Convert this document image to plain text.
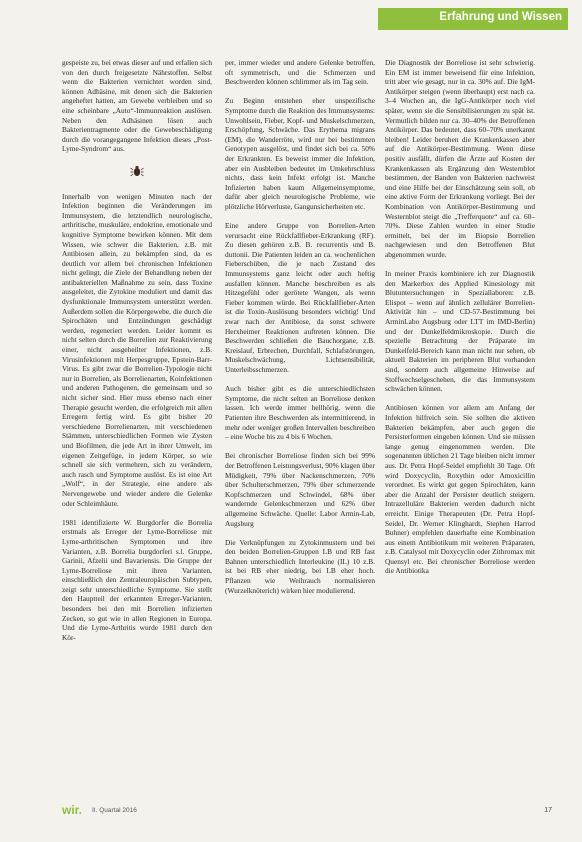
Erfahrung und Wissen

gespeiste zu, bei etwas dieser auf und erfallen sich von den durch freigesetzte Nährstoffen. Selbst wenn die Bakterien vernichtet worden sind, können Adhäsine, mit denen sich die Bakterien angeheftet hatten, am Gewebe verbleiben und so eine scheinbare „Auto“-Immunreaktion auslösen. Neben den Adhäsinen lösen auch Bakterientragmente oder die Gewebeschädigung durch die vorangegangene Infektion dieses „Post-Lyme-Syndrom“ aus.

Innerhalb von wenigen Minuten nach der Infektion beginnen die Veränderungen im Immunsystem, die letztendlich neurologische, arthritische, muskuläre, endokrine, emotionale und kognitive Symptome bewirken können. Mit dem Wissen, wie schwer die Bakterien, z.B. mit Antibiosen allein, zu bekämpfen sind, da es deutlich vor allem bei chronischen Infektionen nicht gelingt, die Ziele der Behandlung neben der antibakteriellen Maßnahme zu sein, dass Toxine ausgeleitet, die Zytokine moduliert und damit das dysfunktionale Immunsystem unterstützt werden. Außerdem sollen die Körpergewebe, die durch die Spirochäten und Entzündungen geschädigt werden, regeneriert werden. Leider kommt es nicht selten durch die Borrelien zur Reaktivierung einer, nicht ausgeheilter Infektionen, z.B. Virusinfektionen mit Herpesgruppe, Epstein-Barr-Virus. Es gibt zwar die Borrelien-Typologie nicht nur in Borrelien, als Borrelienarten, Koinfektionen und anderen Pathogenen, die gemeinsam und so nicht sicher sind. Hier muss ebenso nach einer Therapie gesucht werden, die erfolgreich mit allen Erregern fertig wird. Es gibt bisher 20 verschiedene Borrelienarten, mit verschiedenen Stämmen, unterschiedlichen Formen wie Zysten und Biofilmen, die jede Art in ihrer Umwelt, im eigenen Zeitgefüge, in jedem Körper, so wie schnell sie sich vermehren, sich zu verändern, auch rasch und Symptome auslöst. Es ist eine Art „Wolf“, in der Strategie, eine andere als Nervengewebe und wieder andere die Gelenke oder Schleimhäute.

1981 identifizierte W. Burgdorfer die Borrelia erstmals als Erreger der Lyme-Borreliose mit Lyme-arthritischen Symptomen und ihre Varianten, z.B. Borrelia burgdorferi s.l. Gruppe, Garinii, Afzelii und Bavariensis. Die Gruppe der Lyme-Borreliose mit ihren Varianten, einschließlich den Zentraleuropäischen Subtypen, zeigt sehr unterschiedliche Symptome. Sie stellt den Hauptteil der erkannten Erreger-Varianten, besonders bei den mit Borrelien infizierten Zecken, so gut wie in allen Regionen in Europa. Und die Lyme-Arthritis wurde 1981 durch den Kör-

per, immer wieder und andere Gelenke betroffen, oft symmetrisch, und die Schmerzen und Beschwerden können schlimmer als im Tag sein.

Zu Beginn entstehen eher unspezifische Symptome durch die Reaktion des Immunsystems: Unwohlsein, Fieber, Kopf- und Muskelschmerzen, Erschöpfung, Schwäche. Das Erythema migrans (EM), die Wanderröte, wird nur bei bestimmten Genotypen ausgelöst, und findet sich bei ca. 50% der Erkrankten. Es beweist immer die Infektion, aber ein Ausbleiben bedeutet im Umkehrschluss nichts, dass kein Infekt erfolgt ist. Manche Infizierten haben kaum Allgemeinsymptome, dafür aber gleich neurologische Probleme, wie plötzliche Hörverluste, Gangunsicherheiten etc.

Eine andere Gruppe von Borrelien-Arten verursacht eine Rückfallfieber-Erkrankung (RF). Zu diesen gehören z.B. B. recurrentis und B. duttonii. Die Patienten leiden an ca. wochenlichen Fieberschüben, die je nach Zustand des Immunsystems ganz leicht oder auch heftig ausfallen können. Manche beschreiben es als Hitzegefühl oder gerötete Wangen, als wenn Fieber kommen würde. Bei Rückfallfieber-Arten ist die Toxin-Auslösung besonders wichtig! Und zwar nach der Antibiose, da sonst schwere Herxheimer Reaktionen auftreten können. Die Beschwerden schließen die Bauchorgane, z.B. Kreislauf, Erbrechen, Durchfall, Schlafstörungen, Muskelschwächung, Lichtsensibilität, Unterleibsschmerzen.

Auch bisher gibt es die unterschiedlichsten Symptome, die nicht selten an Borreliose denken lassen. Ich werde immer hellhörig, wenn die Patienten ihre Beschwerden als intermittierend, in mehr oder weniger großen Intervallen beschreiben – eine Woche bis zu 4 bis 6 Wochen.

Bei chronischer Borreliose finden sich bei 99% der Betroffenen Leistungsverlust, 90% klagen über Müdigkeit, 79% über Nackenschmerzen, 70% über Schulterschmerzen, 79% über schmerzende Kopfschmerzen und Schwindel, 68% über wandernde Gelenkschmerzen und 62% über allgemeine Schwäche. Quelle: Labor Armin-Lab, Augsburg

Die Verknüpfungen zu Zytokinmustern und bei den beiden Borrelien-Gruppen LB und RB fast Bahnen unterschiedlich Interleukine (IL) 10 z.B. ist bei RB eher niedrig, bei LB eher hoch. Pflanzen wie Weihrauch normalisieren (Wurzelknöterich) wirken hier modulierend.

Die Diagnostik der Borreliose ist sehr schwierig. Ein EM ist immer beweisend für eine Infektion, tritt aber wie gesagt, nur in ca. 30% auf. Die IgM-Antikörper steigen (wenn überhaupt) erst nach ca. 3–4 Wochen an, die IgG-Antikörper noch viel später, wenn sie die Sensibilisierungen zu spät ist. Vermutlich bilden nur ca. 30–40% der Betroffenen Antikörper. Das bedeutet, dass 60–70% unerkannt bleiben! Leider beruhen die Krankenkassen aber auf die Antikörper-Bestimmung. Wenn diese positiv ausfällt, dürfen die Ärzte auf Kosten der Krankenkassen als Ergänzung den Westernblot bestimmen, der Banden von Bakterien nachweist und eine Hilfe bei der Einschätzung sein soll, ob eine aktive Form der Erkrankung vorliegt. Bei der Kombination von Antikörper-Bestimmung und Westernblot steigt die „Trefferquote“ auf ca. 60–70%. Diese Zahlen wurden in einer Studie ermittelt, bei der im Biopsie Borrelien nachgewiesen und den Betroffenen Blut abgenommen wurde.

In meiner Praxis kombiniere ich zur Diagnostik den Markerbox des Applied Kinesiology mit Blutuntersuchungen in Speziallaboren: z.B. Elispot – wenn auf ähnlich zellulärer Borrelien-Aktivität hin – und CD-57-Bestimmung bei ArminLabo Augsburg oder LTT im IMD-Berlin) und der Dunkelfeldmikroskopie. Durch die spezielle Betrachtung der Präparate im Dunkelfeld-Bereich kann man nicht nur sehen, ob aktuell Bakterien im peripheren Blut vorhanden sind, sondern auch allgemeine Hinweise auf Stoffwechselgeschehen, die das Immunsystem schwächen können.

Antibiosen können vor allem am Anfang der Infektion hilfreich sein. Sie sollten die aktiven Bakterien bekämpfen, aber auch gegen die Persisterformen eingeben können. Und sie müssen lange genug eingenommen werden. Die sogenannten üblichen 21 Tage bleiben nicht immer aus. Dr. Petra Hopf-Seidel empfiehlt 30 Tage. Oft wird Doxycyclin, Roxythin oder Amoxicillin verordnet. Es wirkt gut gegen Spirochäten, kann aber die Anzahl der Persister deutlich steigern. Intrazelluläre Bakterien werden dadurch nicht erreicht. Einige Therapeuten (Dr. Petra Hopf-Seidel, Dr. Werner Klinghardt, Stephen Harrod Buhner) empfehlen dauerhafte eine Kombination aus einem Antibiotikum mit weiteren Präparaten, z.B. Catalysol mit Doxycyclin oder Zithromax mit Quensyl etc. Bei chronischer Borreliose werden die Antibiotika

wir. II. Quartal 2016	17
